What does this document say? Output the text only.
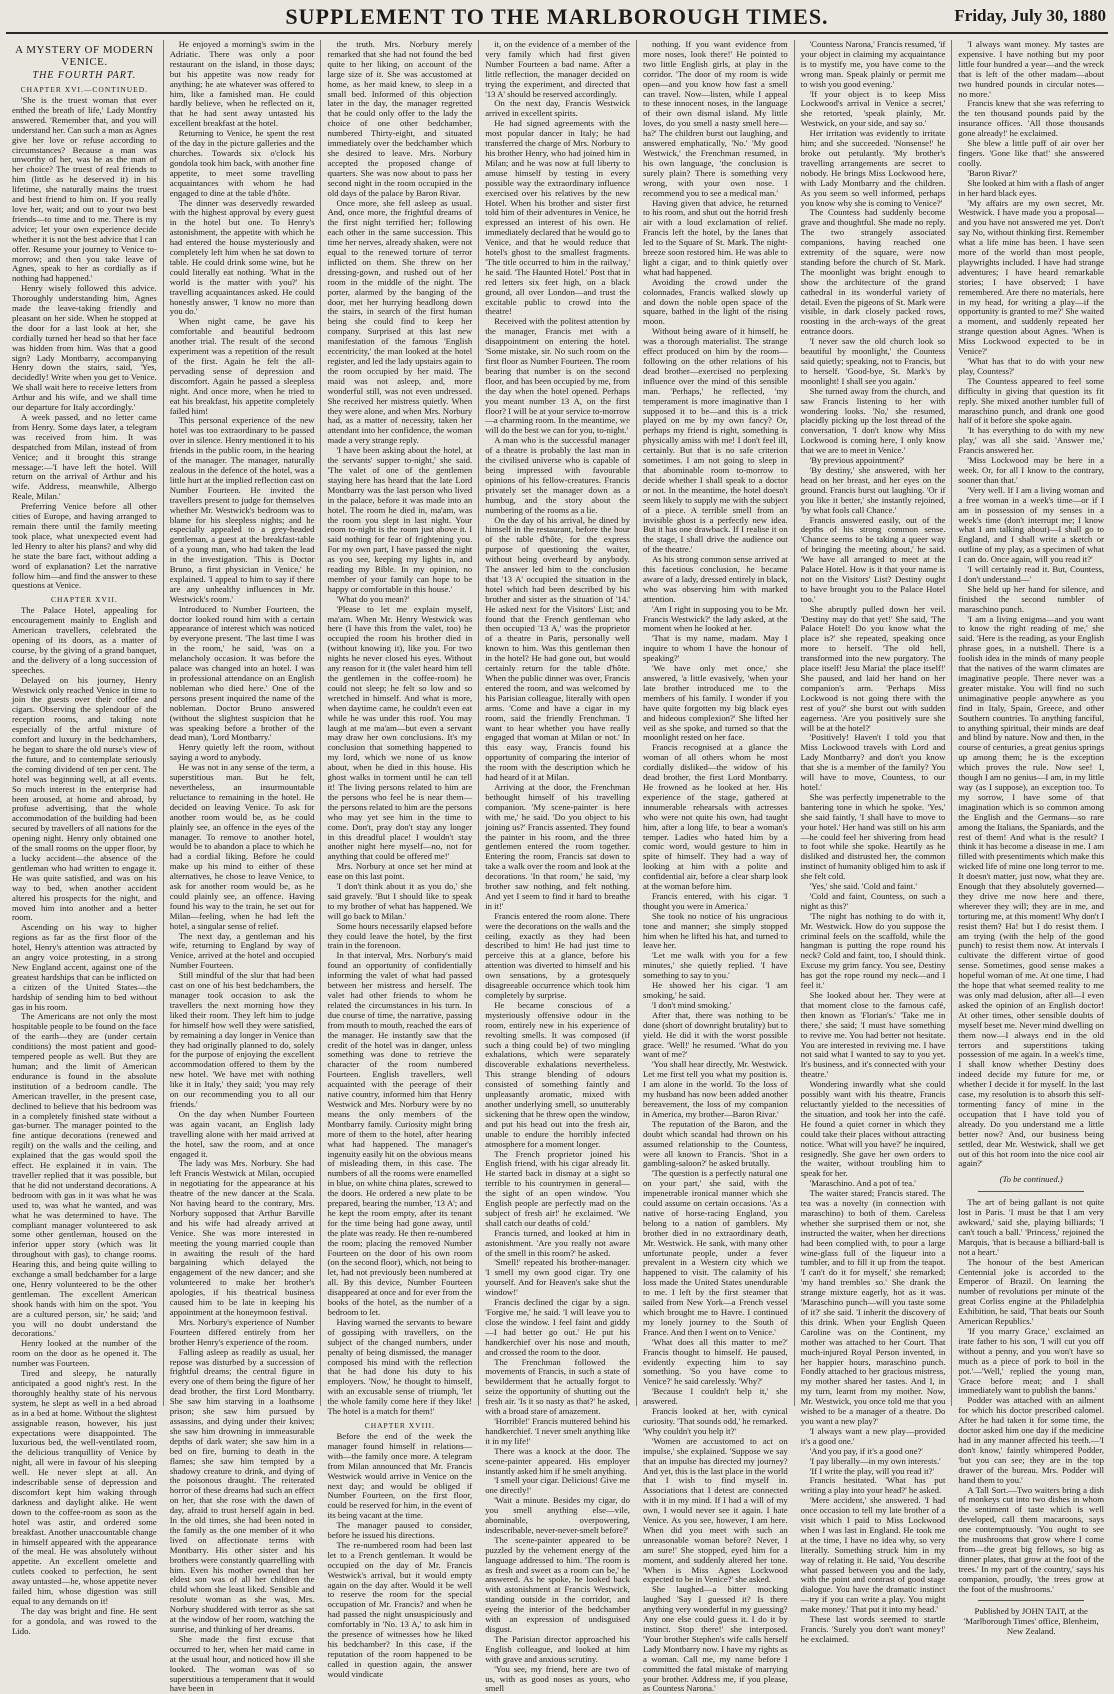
SUPPLEMENT TO THE MARLBOROUGH TIMES.	Friday, July 30, 1880
A MYSTERY OF MODERN VENICE.
THE FOURTH PART.
CHAPTER XVI.—CONTINUED.

'She is the truest woman that ever enthed the breath of life,' Lady Montfry answered. 'Remember that, and you will understand her. Can such a man as Agnes give her love or refuse according to circumstances? Because a man was unworthy of her, was he as the man of her choice? The truest of real friends to him (little as he deserved it) in his lifetime, she naturally mains the truest and best friend to him on. If you really love her, wait; and out to your two best friends—to time and to me. There is my advice; let your own experience decide whether it is not the best advice that I can offer. Resume your journey to Venice to-morrow; and then you take leave of Agnes, speak to her as cordially as if nothing had happened.'

Henry wisely followed this advice. Thoroughly understanding him, Agnes made the leave-taking friendly and pleasant on her side. When he stopped at the door for a last look at her, she cordially turned her head so that her face was hidden from him. Was that a good sign? Lady Montbarry, accompanying Henry down the stairs, said, 'Yes, decidedly! Write when you get to Venice. We shall wait here to receive letters from Arthur and his wife, and we shall time our departure for Italy accordingly.'

A week passed, and no letter came from Henry. Some days later, a telegram was received from him. It was despatched from Milan, instead of from Venice; and it brought this strange message:—'I have left the hotel. Will return on the arrival of Arthur and his wife. Address, meanwhile, Albergo Reale, Milan.'

Preferring Venice before all other cities of Europe, and having arranged to remain there until the family meeting took place, what unexpected event had led Henry to alter his plans? and why did he state the bare fact, without adding a word of explanation? Let the narrative follow him—and find the answer to these questions at Venice.

CHAPTER XVII.

The Palace Hotel, appealing for encouragement mainly to English and American travellers, celebrated the opening of its doors, as a matter of course, by the giving of a grand banquet, and the delivery of a long succession of speeches.

Delayed on his journey, Henry Westwick only reached Venice in time to join the guests over their coffee and cigars. Observing the splendour of the reception rooms, and taking note especially of the artful mixture of comfort and luxury in the bedchambers, he began to share the old nurse's view of the future, and to contemplate seriously the coming dividend of ten per cent. The hotel was beginning well, at all events. So much interest in the enterprise had been aroused, at home and abroad, by profuse advertising, that the whole accommodation of the building had been secured by travellers of all nations for the opening night. Henry only obtained one of the small rooms on the upper floor, by a lucky accident—the absence of the gentleman who had written to engage it. He was quite satisfied, and was on his way to bed, when another accident altered his prospects for the night, and moved him into another and a better room.

Ascending on his way to higher regions as far as the first floor of the hotel, Henry's attention was attracted by an angry voice protesting, in a strong New England accent, against one of the greatest hardships that can be inflicted on a citizen of the United States—the hardship of sending him to bed without gas in his room.

The Americans are not only the most hospitable people to be found on the face of the earth—they are (under certain conditions) the most patient and good-tempered people as well. But they are human; and the limit of American endurance is found in the absolute institution of a bedroom candle. The American traveller, in the present case, declined to believe that his bedroom was in a completely finished state without a gas-burner. The manager pointed to the fine antique decorations (renewed and regilt) on the walls and the ceiling, and explained that the gas would spoil the effect. He explained it in vain. The traveller replied that it was possible, but that he did not understand decorations. A bedroom with gas in it was what he was used to, was what he wanted, and was what he was determined to have. The compliant manager volunteered to ask some other gentleman, housed on the inferior upper story (which was lit throughout with gas), to change rooms. Hearing this, and being quite willing to exchange a small bedchamber for a large one, Henry volunteered to be the other gentleman. The excellent American shook hands with him on the spot. 'You are a cultured person, sir,' he said; 'and you will no doubt understand the decorations.'

Henry looked at the number of the room on the door as he opened it. The number was Fourteen.

Tired and sleepy, he naturally anticipated a good night's rest. In the thoroughly healthy state of his nervous system, he slept as well in a bed abroad as in a bed at home. Without the slightest assignable reason, however, his just expectations were disappointed. The luxurious bed, the well-ventilated room, the delicious tranquillity of Venice by night, all were in favour of his sleeping well. He never slept at all. An indescribable sense of depression and discomfort kept him waking through darkness and daylight alike. He went down to the coffee-room as soon as the hotel was astir, and ordered some breakfast. Another unaccountable change in himself appeared with the appearance of the meal. He was absolutely without appetite. An excellent omelette and cutlets cooked to perfection, he sent away untasted—he, whose appetite never failed him, whose digestion was still equal to any demands on it!

The day was bright and fine. He sent for a gondola, and was rowed to the Lido.

He enjoyed a morning's swim in the Adriatic. There was only a poor restaurant on the island, in those days; but his appetite was now ready for anything; he ate whatever was offered to him, like a famished man. He could hardly believe, when he reflected on it, that he had sent away untasted his excellent breakfast at the hotel.

Returning to Venice, he spent the rest of the day in the picture galleries and the churches. Towards six o'clock his gondola took him back, with another fine appetite, to meet some travelling acquaintances with whom he had engaged to dine at the table d'hôte.

The dinner was deservedly rewarded with the highest approval by every guest in the hotel but one. To Henry's astonishment, the appetite with which he had entered the house mysteriously and completely left him when he sat down to table. He could drink some wine, but he could literally eat nothing. 'What in the world is the matter with you?' his travelling acquaintances asked. He could honestly answer, 'I know no more than you do.'

When night came, he gave his comfortable and beautiful bedroom another trial. The result of the second experiment was a repetition of the result of the first. Again he felt the all-pervading sense of depression and discomfort. Again he passed a sleepless night. And once more, when he tried to eat his breakfast, his appetite completely failed him!

This personal experience of the new hotel was too extraordinary to be passed over in silence. Henry mentioned it to his friends in the public room, in the hearing of the manager. The manager, naturally zealous in the defence of the hotel, was a little hurt at the implied reflection cast on Number Fourteen. He invited the travellers present to judge for themselves whether Mr. Westwick's bedroom was to blame for his sleepless nights; and he especially appealed to a grey-headed gentleman, a guest at the breakfast-table of a young man, who had taken the lead in the investigation. 'This is Doctor Bruno, a first physician in Venice,' he explained. 'I appeal to him to say if there are any unhealthy influences in Mr. Westwick's room.'

Introduced to Number Fourteen, the doctor looked round him with a certain appearance of interest which was noticed by everyone present. 'The last time I was in the room,' he said, 'was on a melancholy occasion. It was before the palace was changed into an hotel. I was in professional attendance on an English nobleman who died here.' One of the persons present inquired the name of the nobleman. Doctor Bruno answered (without the slightest suspicion that he was speaking before a brother of the dead man), 'Lord Montbarry.'

Henry quietly left the room, without saying a word to anybody.

He was not in any sense of the term, a superstitious man. But he felt, nevertheless, an insurmountable reluctance to remaining in the hotel. He decided on leaving Venice. To ask for another room would be, as he could plainly see, an offence in the eyes of the manager. To remove to another hotel, would be to abandon a place to which he had a cordial liking. Before he could make up his mind to either of these alternatives, he chose to leave Venice, to ask for another room would be, as he could plainly see, an offence. Having found his way to the train, he set out for Milan—feeling, when he had left the hotel, a singular sense of relief.

The next day, a gentleman and his wife, returning to England by way of Venice, arrived at the hotel and occupied Number Fourteen.

Still mindful of the slur that had been cast on one of his best bedchambers, the manager took occasion to ask the travellers the next morning how they liked their room. They left him to judge for himself how well they were satisfied, by remaining a day longer in Venice than they had originally planned to do, solely for the purpose of enjoying the excellent accommodation offered to them by the new hotel. 'We have met with nothing like it in Italy,' they said; 'you may rely on our recommending you to all our friends.'

On the day when Number Fourteen was again vacant, an English lady travelling alone with her maid arrived at the hotel, saw the room, and at once engaged it.

The lady was Mrs. Norbury. She had left Francis Westwick at Milan, occupied in negotiating for the appearance at his theatre of the new dancer at the Scala. Not having heard to the contrary, Mrs. Norbury supposed that Arthur Barville and his wife had already arrived at Venice. She was more interested in meeting the young married couple than in awaiting the result of the hard bargaining which delayed the engagement of the new dancer; and she volunteered to make her brother's apologies, if his theatrical business caused him to be late in keeping his appointment at the honeymoon festival.

Mrs. Norbury's experience of Number Fourteen differed entirely from her brother Henry's experience of the room.

Falling asleep as readily as usual, her repose was disturbed by a succession of frightful dreams; the central figure in every one of them being the figure of her dead brother, the first Lord Montbarry. She saw him starving in a loathsome prison; she saw him pursued by assassins, and dying under their knives; she saw him drowning in immeasurable depths of dark water; she saw him in a bed on fire, burning to death in the flames; she saw him tempted by a shadowy creature to drink, and dying of the poisonous draught. The reiterated horror of these dreams had such an effect on her, that she rose with the dawn of day, afraid to trust herself again in bed. In the old times, she had been noted in the family as the one member of it who lived on affectionate terms with Montbarry. His other sister and his brothers were constantly quarrelling with him. Even his mother owned that her eldest son was of all her children the child whom she least liked. Sensible and resolute woman as she was, Mrs. Norbury shuddered with terror as she sat at the window of her room, watching the sunrise, and thinking of her dreams.

She made the first excuse that occurred to her, when her maid came in at the usual hour, and noticed how ill she looked. The woman was of so superstitious a temperament that it would have been in

the truth. Mrs. Norbury merely remarked that she had not found the bed quite to her liking, on account of the large size of it. She was accustomed at home, as her maid knew, to sleep in a small bed. Informed of this objection later in the day, the manager regretted that he could only offer to the lady the choice of one other bedchamber, numbered Thirty-eight, and situated immediately over the bedchamber which she desired to leave. Mrs. Norbury accepted the proposed change of quarters. She was now about to pass her second night in the room occupied in the old days of the palace by Baron Rivar.

Once more, she fell asleep as usual. And, once more, the frightful dreams of the first night terrified her; following each other in the same succession. This time her nerves, already shaken, were not equal to the renewed torture of terror inflicted on them. She threw on her dressing-gown, and rushed out of her room in the middle of the night. The porter, alarmed by the banging of the door, met her hurrying headlong down the stairs, in search of the first human being she could find to keep her company. Surprised at this last new manifestation of the famous 'English eccentricity,' the man looked at the hotel register, and led the lady upstairs again to the room occupied by her maid. The maid was not asleep, and, more wonderful still, was not even undressed. She received her mistress quietly. When they were alone, and when Mrs. Norbury had, as a matter of necessity, taken her attendant into her confidence, the woman made a very strange reply.

'I have been asking about the hotel, at the servants' supper to-night,' she said. 'The valet of one of the gentlemen staying here has heard that the late Lord Montbarry was the last person who lived in the palace, before it was made into an hotel. The room he died in, ma'am, was the room you slept in last night. Your room to-night is the room just above it. I said nothing for fear of frightening you. For my own part, I have passed the night as you see, keeping my lights in, and reading my Bible. In my opinion, no member of your family can hope to be happy or comfortable in this house.'

'What do you mean?'

'Please to let me explain myself, ma'am. When Mr. Henry Westwick was here (I have this from the valet, too) he occupied the room his brother died in (without knowing it), like you. For two nights he never closed his eyes. Without any reason for it (the valet heard him tell the gentlemen in the coffee-room) he could not sleep; he felt so low and so wretched in himself. And what is more, when daytime came, he couldn't even eat while he was under this roof. You may laugh at me ma'am—but even a servant may draw her own conclusions. It's my conclusion that something happened to my lord, which we none of us know about, when he died in this house. His ghost walks in torment until he can tell it! The living persons related to him are the persons who feel he is near them—the persons related to him are the persons who may yet see him in the time to come. Don't, pray don't stay any longer in this dreadful place! I wouldn't stay another night here myself—no, not for anything that could be offered me!'

Mrs. Norbury at once set her mind at ease on this last point.

'I don't think about it as you do,' she said gravely. 'But I should like to speak to my brother of what has happened. We will go back to Milan.'

Some hours necessarily elapsed before they could leave the hotel, by the first train in the forenoon.

In that interval, Mrs. Norbury's maid found an opportunity of confidentially informing the valet of what had passed between her mistress and herself. The valet had other friends to whom he related the circumstances in his turn. In due course of time, the narrative, passing from mouth to mouth, reached the ears of the manager. He instantly saw that the credit of the hotel was in danger, unless something was done to retrieve the character of the room numbered Fourteen. English travellers, well acquainted with the peerage of their native country, informed him that Henry Westwick and Mrs. Norbury were by no means the only members of the Montbarry family. Curiosity might bring more of them to the hotel, after hearing what had happened. The manager's ingenuity easily hit on the obvious means of misleading them, in this case. The numbers of all the rooms were enamelled in blue, on white china plates, screwed to the doors. He ordered a new plate to be prepared, bearing the number, '13 A'; and he kept the room empty, after its tenant for the time being had gone away, until the plate was ready. He then re-numbered the room; placing the removed Number Fourteen on the door of his own room (on the second floor), which, not being to let, had not previously been numbered at all. By this device, Number Fourteen disappeared at once and for ever from the books of the hotel, as the number of a bedroom to let.

Having warned the servants to beware of gossiping with travellers, on the subject of the changed numbers, under penalty of being dismissed, the manager composed his mind with the reflection that he had done his duty to his employers. 'Now,' he thought to himself, with an excusable sense of triumph, 'let the whole family come here if they like! The hotel is a match for them!'

CHAPTER XVIII.

Before the end of the week the manager found himself in relations—with—the family once more. A telegram from Milan announced that Mr. Francis Westwick would arrive in Venice on the next day; and would be obliged if Number Fourteen, on the first floor, could be reserved for him, in the event of its being vacant at the time.

The manager paused to consider, before he issued his directions.

The re-numbered room had been last let to a French gentleman. It would be occupied on the day of Mr. Francis Westwick's arrival, but it would empty again on the day after. Would it be well to reserve the room for the special occupation of Mr. Francis? and when he had passed the night unsuspiciously and comfortably in 'No. 13 A,' to ask him in the presence of witnesses how he liked his bedchamber? In this case, if the reputation of the room happened to be called in question again, the answer would vindicate

it, on the evidence of a member of the very family which had first given Number Fourteen a bad name. After a little reflection, the manager decided on trying the experiment, and directed that '13 A' should be reserved accordingly.

On the next day, Francis Westwick arrived in excellent spirits.

He had signed agreements with the most popular dancer in Italy; he had transferred the charge of Mrs. Norbury to his brother Henry, who had joined him in Milan; and he was now at full liberty to amuse himself by testing in every possible way the extraordinary influence exercised over his relatives by the new Hotel. When his brother and sister first told him of their adventures in Venice, he expressed an interest of his own. He immediately declared that he would go to Venice, and that he would reduce that hotel's ghost to the smallest fragments. 'The title occurred to him in the railway,' he said. 'The Haunted Hotel.' Post that in red letters six feet high, on a black ground, all over London—and trust the excitable public to crowd into the theatre!

Received with the politest attention by the manager, Francis met with a disappointment on entering the hotel. 'Some mistake, sir. No such room on the first floor as Number Fourteen. The room bearing that number is on the second floor, and has been occupied by me, from the day when the hotel opened. Perhaps you meant number 13 A, on the first floor? I will be at your service to-morrow—a charming room. In the meantime, we will do the best we can for you, to-night.'

A man who is the successful manager of a theatre is probably the last man in the civilised universe who is capable of being impressed with favourable opinions of his fellow-creatures. Francis privately set the manager down as a humbug, and the story about the numbering of the rooms as a lie.

On the day of his arrival, he dined by himself in the restaurant, before the hour of the table d'hôte, for the express purpose of questioning the waiter, without being overheard by anybody. The answer led him to the conclusion that '13 A' occupied the situation in the hotel which had been described by his brother and sister as the situation of '14.' He asked next for the Visitors' List; and found that the French gentleman who then occupied '13 A,' was the proprietor of a theatre in Paris, personally well known to him. Was this gentleman then in the hotel? He had gone out, but would certainly return for the table d'hôte. When the public dinner was over, Francis entered the room, and was welcomed by his Parisian colleague, literally with open arms. 'Come and have a cigar in my room, said the friendly Frenchman. 'I want to hear whether you have really engaged that woman at Milan or not.' In this easy way, Francis found his opportunity of comparing the interior of the room with the description which he had heard of it at Milan.

Arriving at the door, the Frenchman bethought himself of his travelling companion. 'My scene-painter is here with me,' he said. 'Do you object to his joining us?' Francis assented. They found the painter in his room, and the three gentlemen entered the room together. Entering the room, Francis sat down to take a walk over the room and look at the decorations. 'In that room,' he said, 'my brother saw nothing, and felt nothing. And yet I seem to find it hard to breathe in it!'

Francis entered the room alone. There were the decorations on the walls and the ceiling, exactly as they had been described to him! He had just time to perceive this at a glance, before his attention was diverted to himself and his own sensations, by a grotesquely disagreeable occurrence which took him completely by surprise.

He became conscious of a mysteriously offensive odour in the room, entirely new in his experience of revolting smells. It was composed (if such a thing could be) of two mingling exhalations, which were separately discoverable exhalations nevertheless. This strange blending of odours consisted of something faintly and unpleasantly aromatic, mixed with another underlying smell, so unutterably sickening that he threw open the window, and put his head out into the fresh air, unable to endure the horribly infected atmosphere for a moment longer.

The French proprietor joined his English friend, with his cigar already lit. He started back in dismay at a sight so terrible to his countrymen in general—the sight of an open window. 'You English people are perfectly mad on the subject of fresh air!' he exclaimed. 'We shall catch our deaths of cold.'

Francis turned, and looked at him in astonishment. 'Are you really not aware of the smell in this room?' he asked.

'Smell!' repeated his brother-manager. 'I smell my own good cigar. Try one yourself. And for Heaven's sake shut the window!'

Francis declined the cigar by a sign. 'Forgive me,' he said. 'I will leave you to close the window. I feel faint and giddy—I had better go out.' He put his handkerchief over his nose and mouth, and crossed the room to the door.

The Frenchman followed the movements of Francis, in such a state of bewilderment that he actually forgot to seize the opportunity of shutting out the fresh air. 'Is it so nasty as that?' he asked, with a broad stare of amazement.

'Horrible!' Francis muttered behind his handkerchief. 'I never smelt anything like it in my life!'

There was a knock at the door. The scene-painter appeared. His employer instantly asked him if he smelt anything.

'I smell your cigar. Delicious! Give me one directly!'

'Wait a minute. Besides my cigar, do you smell anything else—vile, abominable, overpowering, indescribable, never-never-smelt before?'

The scene-painter appeared to be puzzled by the vehement energy of the language addressed to him. 'The room is as fresh and sweet as a room can be,' he answered. As he spoke, he looked back with astonishment at Francis Westwick, standing outside in the corridor, and eyeing the interior of the bedchamber with an expression of undisguised disgust.

The Parisian director approached his English colleague, and looked at him with grave and anxious scrutiny.

'You see, my friend, here are two of us, with as good noses as yours, who smell

nothing. If you want evidence from more noses, look there!' He pointed to two little English girls, at play in the corridor. 'The door of my room is wide open—and you know how fast a smell can travel. Now—listen, while I appeal to these innocent noses, in the language of their own dismal island. My little loves, do you smell a nasty smell here—ha?' The children burst out laughing, and answered emphatically, 'No.' 'My good Westwick,' the Frenchman resumed, in his own language, 'the conclusion is surely plain? There is something very wrong, with your own nose. I recommend you to see a medical man.'

Having given that advice, he returned to his room, and shut out the horrid fresh air with a loud exclamation of relief. Francis left the hotel, by the lanes that led to the Square of St. Mark. The night-breeze soon restored him. He was able to light a cigar, and to think quietly over what had happened.

Avoiding the crowd under the colonnades, Francis walked slowly up and down the noble open space of the square, bathed in the light of the rising moon.

Without being aware of it himself, he was a thorough materialist. The strange effect produced on him by the room—following on the other relations of his dead brother—exercised no perplexing influence over the mind of this sensible man. 'Perhaps,' he reflected, 'my temperament is more imaginative than I supposed it to be—and this is a trick played on me by my own fancy? Or, perhaps my friend is right, something is physically amiss with me! I don't feel ill, certainly. But that is no safe criterion sometimes. I am not going to sleep in that abominable room to-morrow to decide whether I shall speak to a doctor or not. In the meantime, the hotel doesn't seem likely to supply me with the subject of a piece. A terrible smell from an invisible ghost is a perfectly new idea. But it has one drawback. If I realise it on the stage, I shall drive the audience out of the theatre.'

As his strong common sense arrived at this facetious conclusion, he became aware of a lady, dressed entirely in black, who was observing him with marked attention.

'Am I right in supposing you to be Mr. Francis Westwick?' the lady asked, at the moment when he looked at her.

'That is my name, madam. May I inquire to whom I have the honour of speaking?'

'We have only met once,' she answered, 'a little evasively, 'when your late brother introduced me to the members of his family. I wonder if you have quite forgotten my big black eyes and hideous complexion?' She lifted her veil as she spoke, and turned so that the moonlight rested on her face.

Francis recognised at a glance the woman of all others whom he most cordially disliked—the widow of his dead brother, the first Lord Montbarry. He frowned as he looked at her. His experience of the stage, gathered at innumerable rehearsals with actresses who were not quite his own, had taught him, after a long life, to bear a woman's temper. Ladies who hated him by a comic word, would gesture to him in spite of himself. They had a way of looking at him with a polite and confidential air, before a clear sharp look at the woman before him.

Francis entered, with his cigar. 'I thought you were in America.'

She took no notice of his ungracious tone and manner; she simply stopped him when he lifted his hat, and turned to leave her.

'Let me walk with you for a few minutes,' she quietly replied. 'I have something to say to you.'

He showed her his cigar. 'I am smoking,' he said.

'I don't mind smoking.'

After that, there was nothing to be done (short of downright brutality) but to yield. He did it with the worst possible grace. 'Well!' he resumed. 'What do you want of me?'

'You shall hear directly, Mr. Westwick. Let me first tell you what my position is. I am alone in the world. To the loss of my husband has now been added another bereavement, the loss of my companion in America, my brother—Baron Rivar.'

The reputation of the Baron, and the doubt which scandal had thrown on his assumed relationship to the Countess, were all known to Francis. 'Shot in a gambling-saloon?' he asked brutally.

'The question is a perfectly natural one on your part,' she said, with the impenetrable ironical manner which she could assume on certain occasions. 'As a native of horse-racing England, you belong to a nation of gamblers. My brother died in no extraordinary death, Mr. Westwick. He sank, with many other unfortunate people, under a fever prevalent in a Western city which we happened to visit. The calamity of his loss made the United States unendurable to me. I left by the first steamer that sailed from New York—a French vessel which brought me to Havre. I continued my lonely journey to the South of France. And then I went on to Venice.'

'What does all this matter to me?' Francis thought to himself. He paused, evidently expecting him to say something. 'So you have come to Venice?' he said carelessly. 'Why?'

'Because I couldn't help it,' she answered.

Francis looked at her, with cynical curiosity. 'That sounds odd,' he remarked. 'Why couldn't you help it?'

'Women are accustomed to act on impulse,' she explained. 'Suppose we say that an impulse has directed my journey? And yet, this is the last place in the world that I wish to find myself in. Associations that I detest are connected with it in my mind. If I had a will of my own, I would never see it again. I hate Venice. As you see, however, I am here. When did you meet with such an unreasonable woman before? Never, I am sure!' She stopped, eyed him for a moment, and suddenly altered her tone. 'When is Miss Agnes Lockwood expected to be in Venice?' she asked.

She laughed—a bitter mocking laughed 'Say I guessed it? Is there anything very wonderful in my guessing? Any one else could guess it. I do it by instinct. Stop there!' she interposed. 'Your brother Stephen's wife calls herself Lady Montbarry now. I have my rights as a woman. Call me, my name before I committed the fatal mistake of marrying your brother. Address me, if you please, as Countess Narona.'

'Countess Narona,' Francis resumed, 'if your object in claiming my acquaintance is to mystify me, you have come to the wrong man. Speak plainly or permit me to wish you good evening.'

'If your object is to keep Miss Lockwood's arrival in Venice a secret,' she retorted, 'speak plainly, Mr. Westwick, on your side, and say so.'

Her irritation was evidently to irritate him; and she succeeded. 'Nonsense!' he broke out petulantly. 'My brother's travelling arrangements are secret to nobody. He brings Miss Lockwood here, with Lady Montbarry and the children. As you seem so well informed, perhaps you know why she is coming to Venice?'

The Countess had suddenly become grave and thoughtful. She made no reply. The two strangely associated companions, having reached one extremity of the square, were now standing before the church of St. Mark. The moonlight was bright enough to show the architecture of the grand cathedral in its wonderful variety of detail. Even the pigeons of St. Mark were visible, in dark closely packed rows, roosting in the arch-ways of the great entrance doors.

'I never saw the old church look so beautiful by moonlight,' the Countess said quietly; speaking, not to Francis, but to herself. 'Good-bye, St. Mark's by moonlight! I shall see you again.'

She turned away from the church, and saw Francis listening to her with wondering looks. 'No,' she resumed, placidly picking up the lost thread of the conversation, 'I don't know why Miss Lockwood is coming here, I only know that we are to meet in Venice.'

'By previous appointment?'

'By destiny,' she answered, with her head on her breast, and her eyes on the ground. Francis burst out laughing. 'Or if you like it better,' she instantly rejoined, 'by what fools call Chance.'

Francis answered easily, out of the depths of his strong common sense. 'Chance seems to be taking a queer way of bringing the meeting about,' he said. 'We have all arranged to meet at the Palace Hotel. How is it that your name is not on the Visitors' List? Destiny ought to have brought you to the Palace Hotel too.'

She abruptly pulled down her veil. 'Destiny may do that yet!' She said, 'The Palace Hotel! Do you know what the place is?' she repeated, speaking once more to herself. 'The old hell, transformed into the new purgatory. The place itself! Jesu Maria! the place itself!' She paused, and laid her hand on her companion's arm. 'Perhaps Miss Lockwood is not going there with the rest of you?' she burst out with sudden eagerness. 'Are you positively sure she will be at the hotel?'

'Positively! Haven't I told you that Miss Lockwood travels with Lord and Lady Montbarry? and don't you know that she is a member of the family? You will have to move, Countess, to our hotel.'

She was perfectly impenetrable to the bantering tone in which he spoke. 'Yes,' she said faintly, 'I shall have to move to your hotel.' Her hand was still on his arm—he could feel her shivering from head to foot while she spoke. Heartily as he disliked and distrusted her, the common instinct of humanity obliged him to ask if she felt cold.

'Yes,' she said. 'Cold and faint.'

'Cold and faint, Countess, on such a night as this?'

'The night has nothing to do with it, Mr. Westwick. How do you suppose the criminal feels on the scaffold, while the hangman is putting the rope round his neck? Cold and faint, too, I should think. Excuse my grim fancy. You see, Destiny has got the rope round my neck—and I feel it.'

She looked about her. They were at that moment close to the famous café, then known as 'Florian's.' 'Take me in there,' she said; 'I must have something to revive me. You had better not hesitate. You are interested in reviving me. I have not said what I wanted to say to you yet. It's business, and it's connected with your theatre.'

Wondering inwardly what she could possibly want with his theatre, Francis reluctantly yielded to the necessities of the situation, and took her into the café. He found a quiet corner in which they could take their places without attracting notice. 'What will you have?' he inquired, resignedly. She gave her own orders to the waiter, without troubling him to speak for her.

'Maraschino. And a pot of tea.'

The waiter stared; Francis stared. The tea was a novelty (in connection with maraschino) to both of them. Careless whether she surprised them or not, she instructed the waiter, when her directions had been complied with, to pour a large wine-glass full of the liqueur into a tumbler, and to fill it up from the teapot. 'I can't do it for myself,' she remarked; 'my hand trembles so.' She drank the strange mixture eagerly, hot as it was. 'Maraschino punch—will you taste some of it?' she said. 'I inherit the discovery of this drink. When your English Queen Caroline was on the Continent, my mother was attached to her Court. That much-injured Royal Person invented, in her happier hours, maraschino punch. Fondly attached to her gracious mistress, my mother shared her tastes. And I, in my turn, learnt from my mother. Now, Mr. Westwick, you once told me that you wished to be a manager of a theatre. Do you want a new play?'

'I always want a new play—provided it's a good one.'

'And you pay, if it's a good one?'

'I pay liberally—in my own interests.'

'If I write the play, will you read it?'

Francis hesitated. 'What has put writing a play into your head?' he asked.

'Mere accident,' she answered. 'I had once occasion to tell my late brother of a visit which I paid to Miss Lockwood when I was last in England. He took me at the time, I have no idea why, so very literally. Something struck him in my way of relating it. He said, 'You describe what passed between you and the lady, with the point and contrast of good stage dialogue. You have the dramatic instinct—try if you can write a play. You might make money.' That put it into my head.'

These last words seemed to startle Francis. 'Surely you don't want money!' he exclaimed.

'I always want money. My tastes are expensive. I have nothing but my poor little four hundred a year—and the wreck that is left of the other madam—about two hundred pounds in circular notes—no more.'

Francis knew that she was referring to the ten thousand pounds paid by the insurance offices. 'All those thousands gone already!' he exclaimed.

She blew a little puff of air over her fingers. 'Gone like that!' she answered coolly.

'Baron Rivar?'

She looked at him with a flash of anger in her hard black eyes.

'My affairs are my own secret, Mr. Westwick. I have made you a proposal—and you have not answered me yet. Don't say No, without thinking first. Remember what a life mine has been. I have seen more of the world than most people, playwrights included. I have had strange adventures; I have heard remarkable stories; I have observed; I have remembered. Are there no materials, here in my head, for writing a play—if the opportunity is granted to me?' She waited a moment, and suddenly repeated her strange question about Agnes. 'When is Miss Lockwood expected to be in Venice?'

'What has that to do with your new play, Countess?'

The Countess appeared to feel some difficulty in giving that question its fit reply. She mixed another tumbler full of maraschino punch, and drank one good half of it before she spoke again.

'It has everything to do with my new play,' was all she said. 'Answer me,' Francis answered her.

'Miss Lockwood may be here in a week. Or, for all I know to the contrary, sooner than that.'

'Very well. If I am a living woman and a free woman in a week's time—or if I am in possession of my senses in a week's time (don't interrupt me; I know what I am talking about)—I shall go to England, and I shall write a sketch or outline of my play, as a specimen of what I can do. Once again, will you read it?'

'I will certainly read it. But, Countess, I don't understand—'

She held up her hand for silence, and finished the second tumbler of maraschino punch.

'I am a living enigma—and you want to know the right reading of me,' she said. 'Here is the reading, as your English phrase goes, in a nutshell. There is a foolish idea in the minds of many people that the natives of the warm climates are imaginative people. There never was a greater mistake. You will find no such unimaginative people anywhere as you find in Italy, Spain, Greece, and other Southern countries. To anything fanciful, to anything spiritual, their minds are deaf and blind by nature. Now and then, in the course of centuries, a great genius springs up among them; he is the exception which proves the rule. Now see! I, though I am no genius—I am, in my little way (as I suppose), an exception too. To my sorrow, I have some of that imagination which is so common among the English and the Germans—so rare among the Italians, the Spaniards, and the rest of them! And what is the result? I think it has become a disease in me. I am filled with presentiments which make this wicked life of mine one long terror to me. It doesn't matter, just now, what they are. Enough that they absolutely governed—they drive me now here and there, wherever they will; they are in me, and torturing me, at this moment! Why don't I resist them? Ha! but I do resist them. I am trying (with the help of the good punch) to resist them now. At intervals I cultivate the different virtue of good sense. Sometimes, good sense makes a hopeful woman of me. At one time, I had the hope that what seemed reality to me was only mad delusion, after all—I even asked the opinion of an English doctor! At other times, other sensible doubts of myself beset me. Never mind dwelling on them now—I always end in the old terrors and superstitions taking possession of me again. In a week's time, I shall know whether Destiny does indeed decide my future for me, or whether I decide it for myself. In the last case, my resolution is to absorb this self-tormenting fancy of mine in the occupation that I have told you of already. Do you understand me a little better now? And, our business being settled, dear Mr. Westwick, shall we get out of this hot room into the nice cool air again?'

(To be continued.)

The art of being gallant is not quite lost in Paris. 'I must be that I am very awkward,' said she, playing billiards; 'I can't touch a ball.' 'Princess,' rejoined the Marquis, 'that is because a billiard-ball is not a heart.'

The honour of the best American Centennial joke is accorded to the Emperor of Brazil. On learning the number of revolutions per minute of the great Corliss engine at the Philadelphia Exhibition, he said, 'That beats our South American Republics.'

'If you marry Grace,' exclaimed an irate father to his son, 'I will cut you off without a penny, and you won't have so much as a piece of pork to boil in the pot.'—'Well,' replied the young man, 'Grace before meat; and I shall immediately want to publish the banns.'

Podder was attached with an ailment for which his doctor prescribed calomel. After he had taken it for some time, the doctor asked him one day if the medicine had in any manner affected his teeth.—'I don't know,' faintly whimpered Podder, 'but you can see; they are in the top drawer of the bureau. Mrs. Podder will hand them to you.'

A Tall Sort.—Two waiters bring a dish of monkeys cut into two dishes in whom the sentiment of taste which is well developed, call them macaroons, says one contemptuously. 'You ought to see the mushrooms that grow where I come from—the great big fellows, so big as dinner plates, that grow at the foot of the trees.' In my part of the country,' says his companion, proudly, 'the trees grow at the foot of the mushrooms.'

Published by JOHN TAIT, at the 'Marlborough Times' office, Blenheim, New Zealand.
